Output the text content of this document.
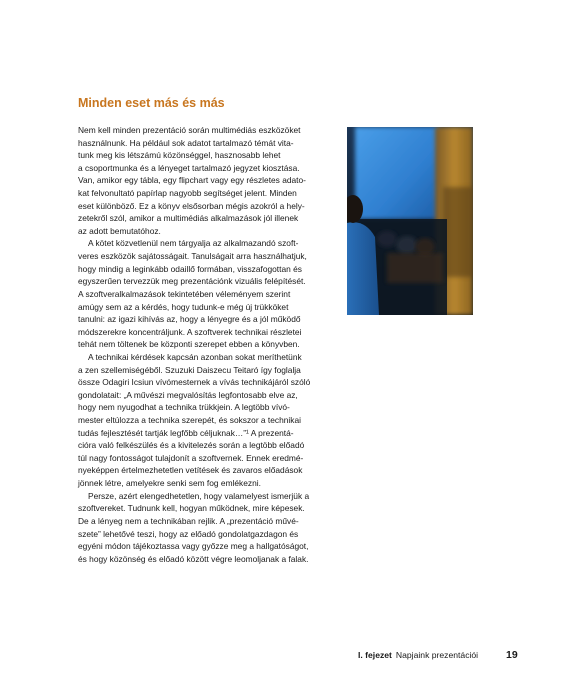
Minden eset más és más
Nem kell minden prezentáció során multimédiás eszközöket
használnunk. Ha például sok adatot tartalmazó témát vita-
tunk meg kis létszámú közönséggel, hasznosabb lehet
a csoportmunka és a lényeget tartalmazó jegyzet kiosztása.
Van, amikor egy tábla, egy flipchart vagy egy részletes adato-
kat felvonultató papírlap nagyobb segítséget jelent. Minden
eset különböző. Ez a könyv elsősorban mégis azokról a hely-
zetekről szól, amikor a multimédiás alkalmazások jól illenek
az adott bemutatóhoz.
A kötet közvetlenül nem tárgyalja az alkalmazandó szoft-
veres eszközök sajátosságait. Tanulságait arra használhatjuk,
hogy mindig a leginkább odaillő formában, visszafogottan és
egyszerűen tervezzük meg prezentációnk vizuális felépítését.
A szoftveralkalmazások tekintetében véleményem szerint
amúgy sem az a kérdés, hogy tudunk-e még új trükköket
tanulni: az igazi kihívás az, hogy a lényegre és a jól működő
módszerekre koncentráljunk. A szoftverek technikai részletei
tehát nem töltenek be központi szerepet ebben a könyvben.
A technikai kérdések kapcsán azonban sokat meríthetünk
a zen szellemiségéből. Szuzuki Daiszecu Teitaró így foglalja
össze Odagiri Icsiun vívómesternek a vívás technikájáról szóló
gondolatait: „A művészi megvalósítás legfontosabb elve az,
hogy nem nyugodhat a technika trükkjein. A legtöbb vívó-
mester eltúlozza a technika szerepét, és sokszor a technikai
tudás fejlesztését tartják legfőbb céljuknak…”¹ A prezentá-
cióra való felkészülés és a kivitelezés során a legtöbb előadó
túl nagy fontosságot tulajdonít a szoftvernek. Ennek eredmé-
nyeképpen értelmezhetetlen vetítések és zavaros előadások
jönnek létre, amelyekre senki sem fog emlékezni.
Persze, azért elengedhetetlen, hogy valamelyest ismerjük a
szoftvereket. Tudnunk kell, hogyan működnek, mire képesek.
De a lényeg nem a technikában rejlik. A „prezentáció művé-
szete” lehetővé teszi, hogy az előadó gondolatgazdagon és
egyéni módon tájékoztassa vagy győzze meg a hallgatóságot,
és hogy közönség és előadó között végre leomoljanak a falak.
I. fejezet Napjaink prezentációi	19
